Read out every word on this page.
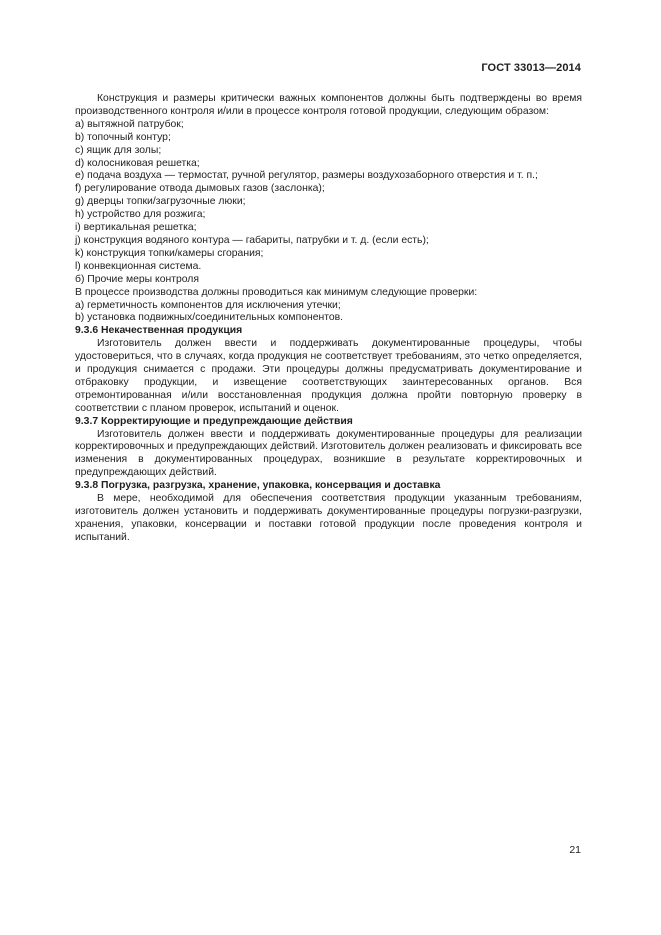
ГОСТ 33013—2014

Конструкция и размеры критически важных компонентов должны быть подтверждены во время производственного контроля и/или в процессе контроля готовой продукции, следующим образом:

a) вытяжной патрубок;

b) топочный контур;

c) ящик для золы;

d) колосниковая решетка;

e) подача воздуха — термостат, ручной регулятор, размеры воздухозаборного отверстия и т. п.;

f) регулирование отвода дымовых газов (заслонка);

g) дверцы топки/загрузочные люки;

h) устройство для розжига;

i) вертикальная решетка;

j) конструкция водяного контура — габариты, патрубки и т. д. (если есть);

k) конструкция топки/камеры сгорания;

l) конвекционная система.

б) Прочие меры контроля

В процессе производства должны проводиться как минимум следующие проверки:

a) герметичность компонентов для исключения утечки;

b) установка подвижных/соединительных компонентов.

9.3.6 Некачественная продукция

Изготовитель должен ввести и поддерживать документированные процедуры, чтобы удостовериться, что в случаях, когда продукция не соответствует требованиям, это четко определяется, и продукция снимается с продажи. Эти процедуры должны предусматривать документирование и отбраковку продукции, и извещение соответствующих заинтересованных органов. Вся отремонтированная и/или восстановленная продукция должна пройти повторную проверку в соответствии с планом проверок, испытаний и оценок.

9.3.7 Корректирующие и предупреждающие действия

Изготовитель должен ввести и поддерживать документированные процедуры для реализации корректировочных и предупреждающих действий. Изготовитель должен реализовать и фиксировать все изменения в документированных процедурах, возникшие в результате корректировочных и предупреждающих действий.

9.3.8 Погрузка, разгрузка, хранение, упаковка, консервация и доставка

В мере, необходимой для обеспечения соответствия продукции указанным требованиям, изготовитель должен установить и поддерживать документированные процедуры погрузки-разгрузки, хранения, упаковки, консервации и поставки готовой продукции после проведения контроля и испытаний.

21
